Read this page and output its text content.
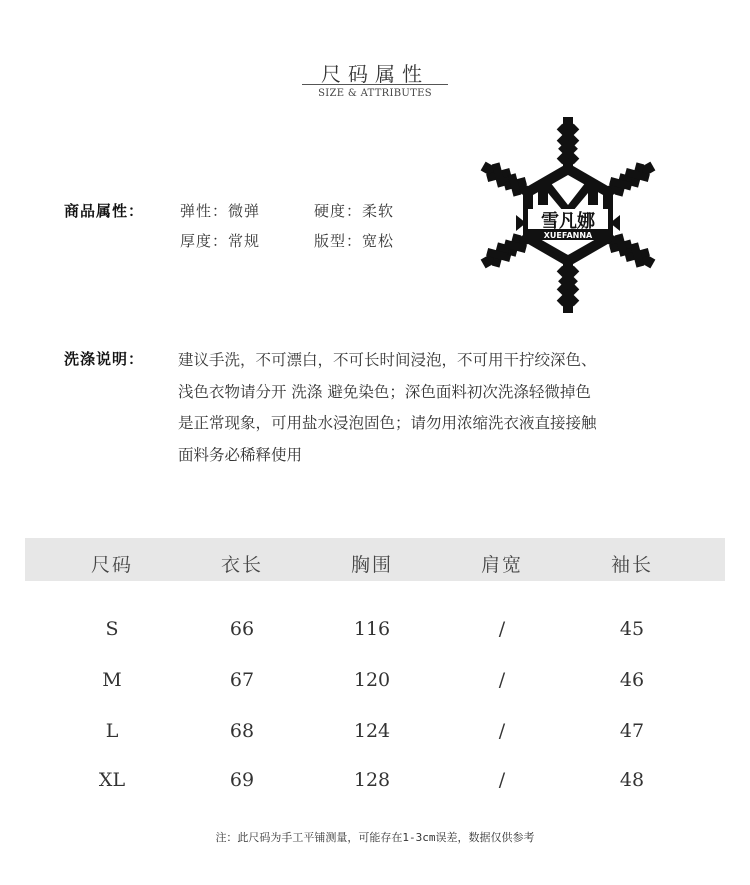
尺码属性
SIZE & ATTRIBUTES
商品属性： 弹性：微弹	硬度：柔软
厚度：常规	版型：宽松
雪凡娜
XUEFANNA
洗涤说明： 建议手洗，不可漂白，不可长时间浸泡，不可用干拧绞深色、
浅色衣物请分开 洗涤 避免染色；深色面料初次洗涤轻微掉色
是正常现象，可用盐水浸泡固色；请勿用浓缩洗衣液直接接触
面料务必稀释使用
尺码	衣长	胸围	肩宽	袖长
S	66	116	/	45
M	67	120	/	46
L	68	124	/	47
XL	69	128	/	48
注：此尺码为手工平铺测量，可能存在1-3cm误差，数据仅供参考
